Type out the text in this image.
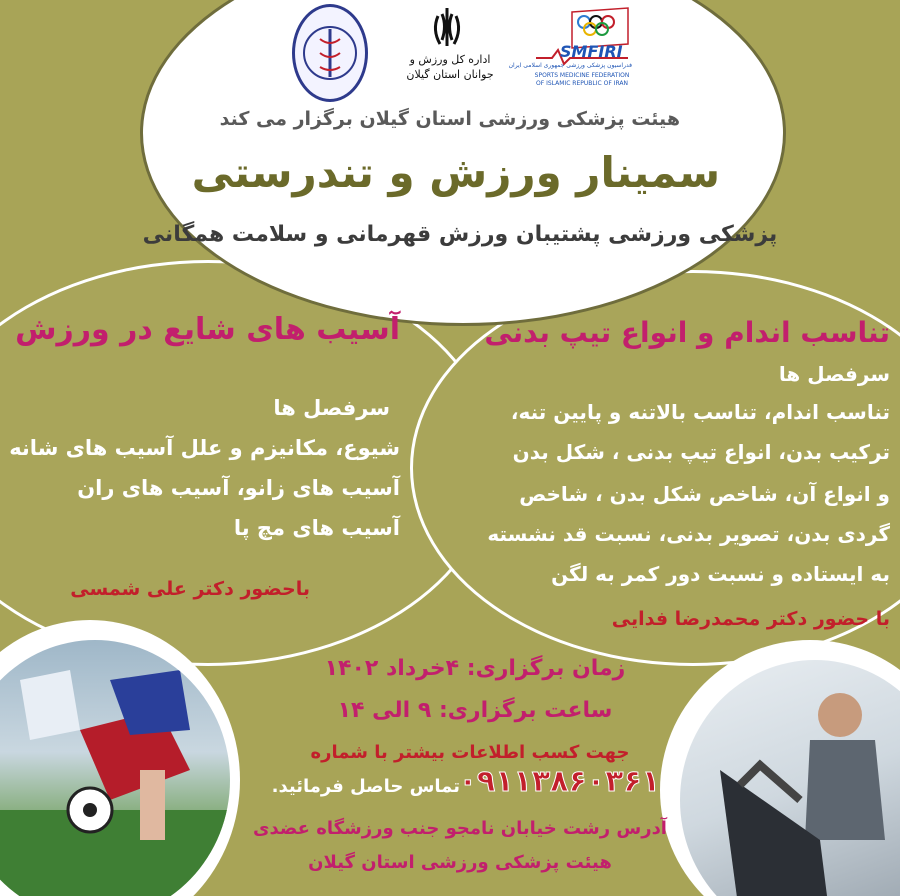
اداره کل ورزش و جوانان استان گیلان
SMFIRI
فدراسیون پزشکی ورزشی جمهوری اسلامی ایران
SPORTS MEDICINE FEDERATION
OF ISLAMIC REPUBLIC OF IRAN
هیئت پزشکی ورزشی استان گیلان برگزار می کند
سمینار ورزش و تندرستی
پزشکی ورزشی پشتیبان ورزش قهرمانی و سلامت همگانی
آسیب های شایع در ورزش
سرفصل ها
شیوع، مکانیزم و علل آسیب های شانه
آسیب های زانو، آسیب های ران
آسیب های مچ پا
باحضور دکتر علی شمسی
تناسب اندام و انواع تیپ بدنی
سرفصل ها
تناسب اندام، تناسب بالاتنه و پایین تنه،
ترکیب بدن، انواع تیپ بدنی ، شکل بدن
و انواع آن، شاخص شکل بدن ، شاخص
گردی بدن، تصویر بدنی، نسبت قد نشسته
به ایستاده و نسبت دور کمر به لگن
با حضور دکتر محمدرضا فدایی
زمان برگزاری: ۴خرداد ۱۴۰۲
ساعت برگزاری: ۹ الی ۱۴
جهت کسب اطلاعات بیشتر با شماره
۰۹۱۱۳۸۶۰۳۶۱
تماس حاصل فرمائید.
آدرس رشت خیابان نامجو جنب ورزشگاه عضدی
هیئت پزشکی ورزشی استان گیلان
